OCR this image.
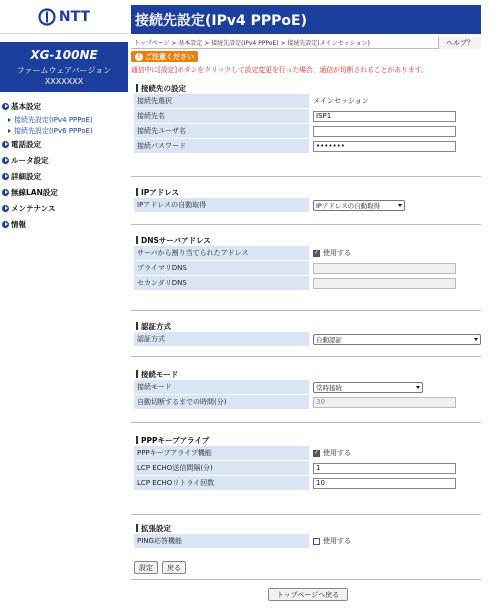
NTT
XG-100NE
ファームウェアバージョン
XXXXXXX
基本設定
接続先設定(IPv4 PPPoE)
接続先設定(IPv6 PPPoE)
電話設定
ルータ設定
詳細設定
無線LAN設定
メンテナンス
情報
接続先設定(IPv4 PPPoE)
トップページ > 基本設定 > 接続先設定(IPv4 PPPoE) > 接続先設定(メインセッション)	ヘルプ？
! ご注意ください
通信中に[設定]ボタンをクリックして設定変更を行った場合、通信が切断されることがあります。
接続先の設定
接続先選択	メインセッション
接続先名	ISP1
接続先ユーザ名
接続パスワード	•••••••
IPアドレス
IPアドレスの自動取得	IPアドレスの自動取得
DNSサーバアドレス
サーバから割り当てられたアドレス	✓ 使用する
プライマリDNS
セカンダリDNS
認証方式
認証方式	自動認証
接続モード
接続モード	常時接続
自動切断するまでの時間(分)	30
PPPキープアライブ
PPPキープアライブ機能	✓ 使用する
LCP ECHO送信間隔(分)	1
LCP ECHOリトライ回数	10
拡張設定
PING応答機能	使用する
設定	戻る
トップページへ戻る
